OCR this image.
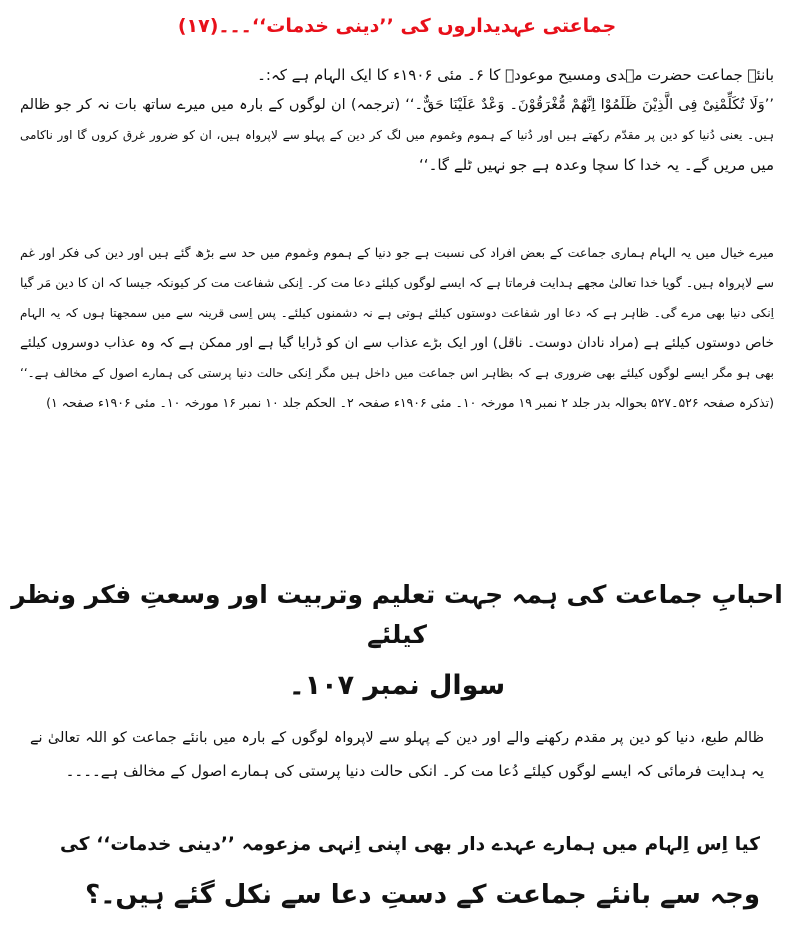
جماعتی عہدیداروں کی ’’دینی خدمات‘‘۔۔۔(۱۷)
بانئے جماعت حضرت مہدی ومسیح موعودؑ کا ۶۔ مئی ۱۹۰۶ء کا ایک الہام ہے کہ:۔
’’وَلَا تُکَلِّمْنِیْ فِی الَّذِیْنَ ظَلَمُوْا اِنَّھُمْ مُّغْرَقُوْنَ۔ وَعْدٌ عَلَیْنَا حَقٌّ۔‘‘ (ترجمہ) ان لوگوں کے بارہ میں میرے ساتھ بات نہ کر جو ظالم
ہیں۔ یعنی دُنیا کو دین پر مقدّم رکھتے ہیں اور دُنیا کے ہموم وغموم میں لگ کر دین کے پہلو سے لاپرواہ ہیں، ان کو ضرور غرق کروں گا اور ناکامی
میں مریں گے۔ یہ خدا کا سچا وعدہ ہے جو نہیں ٹلے گا۔‘‘
میرے خیال میں یہ الہام ہماری جماعت کے بعض افراد کی نسبت ہے جو دنیا کے ہموم وغموم میں حد سے بڑھ گئے ہیں اور دین کی فکر اور غم
سے لاپرواہ ہیں۔ گویا خدا تعالیٰ مجھے ہدایت فرماتا ہے کہ ایسے لوگوں کیلئے دعا مت کر۔ اِنکی شفاعت مت کر کیونکہ جیسا کہ ان کا دین مَر گیا
اِنکی دنیا بھی مرے گی۔ ظاہر ہے کہ دعا اور شفاعت دوستوں کیلئے ہوتی ہے نہ دشمنوں کیلئے۔ پس اِسی قرینہ سے میں سمجھتا ہوں کہ یہ الہام
خاص دوستوں کیلئے ہے (مراد نادان دوست۔ ناقل) اور ایک بڑے عذاب سے ان کو ڈرایا گیا ہے اور ممکن ہے کہ وہ عذاب دوسروں کیلئے
بھی ہو مگر ایسے لوگوں کیلئے بھی ضروری ہے کہ بظاہر اس جماعت میں داخل ہیں مگر اِنکی حالت دنیا پرستی کی ہمارے اصول کے مخالف ہے۔‘‘
(تذکرہ صفحہ ۵۲۶۔۵۲۷ بحوالہ بدر جلد ۲ نمبر ۱۹ مورخہ ۱۰۔ مئی ۱۹۰۶ء صفحہ ۲۔ الحکم جلد ۱۰ نمبر ۱۶ مورخہ ۱۰۔ مئی ۱۹۰۶ء صفحہ ۱)
احبابِ جماعت کی ہمہ جہت تعلیم وتربیت اور وسعتِ فکر ونظر کیلئے
سوال نمبر ۱۰۷۔
ظالم طبع، دنیا کو دین پر مقدم رکھنے والے اور دین کے پہلو سے لاپرواہ لوگوں کے بارہ میں بانئے جماعت کو اللہ تعالیٰ نے
یہ ہدایت فرمائی کہ ایسے لوگوں کیلئے دُعا مت کر۔ انکی حالت دنیا پرستی کی ہمارے اصول کے مخالف ہے۔۔۔۔
کیا اِس اِلہام میں ہمارے عہدے دار بھی اپنی اِنہی مزعومہ ’’دینی خدمات‘‘ کی
وجہ سے بانئے جماعت کے دستِ دعا سے نکل گئے ہیں۔؟
